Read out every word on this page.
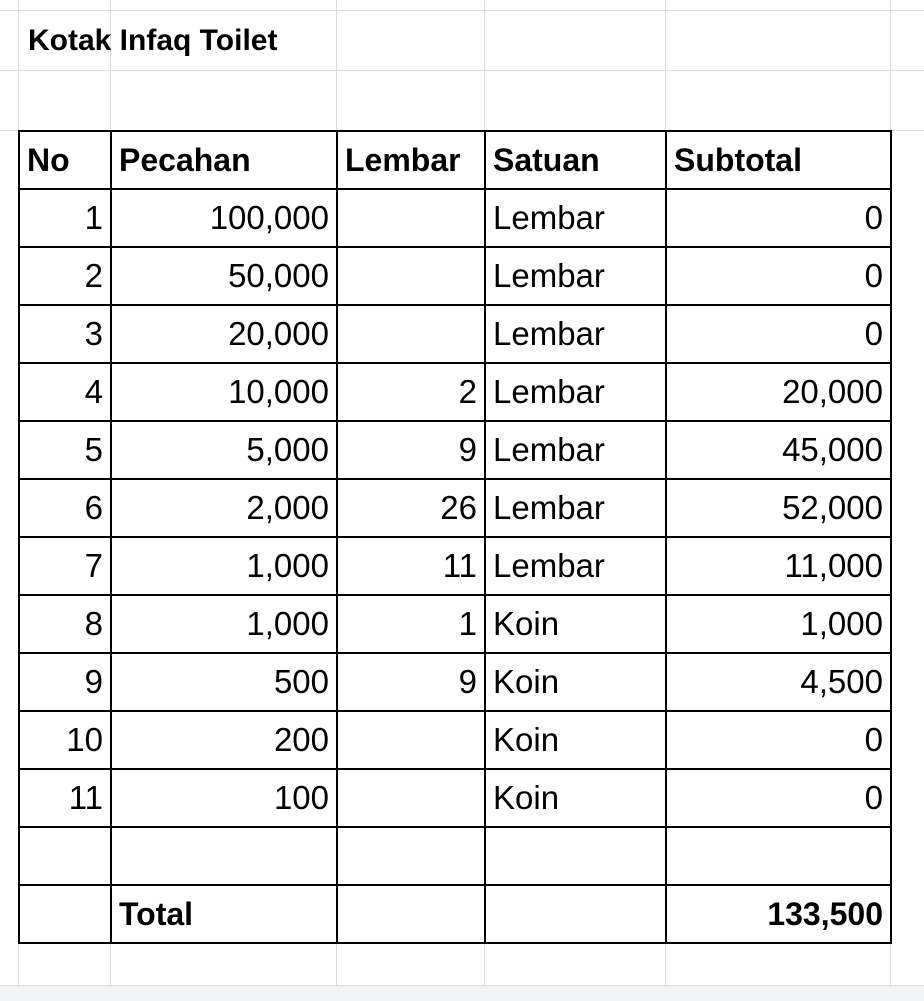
Kotak Infaq Toilet
No	Pecahan	Lembar	Satuan	Subtotal
1	100,000		Lembar	0
2	50,000		Lembar	0
3	20,000		Lembar	0
4	10,000	2	Lembar	20,000
5	5,000	9	Lembar	45,000
6	2,000	26	Lembar	52,000
7	1,000	11	Lembar	11,000
8	1,000	1	Koin	1,000
9	500	9	Koin	4,500
10	200		Koin	0
11	100		Koin	0

	Total			133,500
